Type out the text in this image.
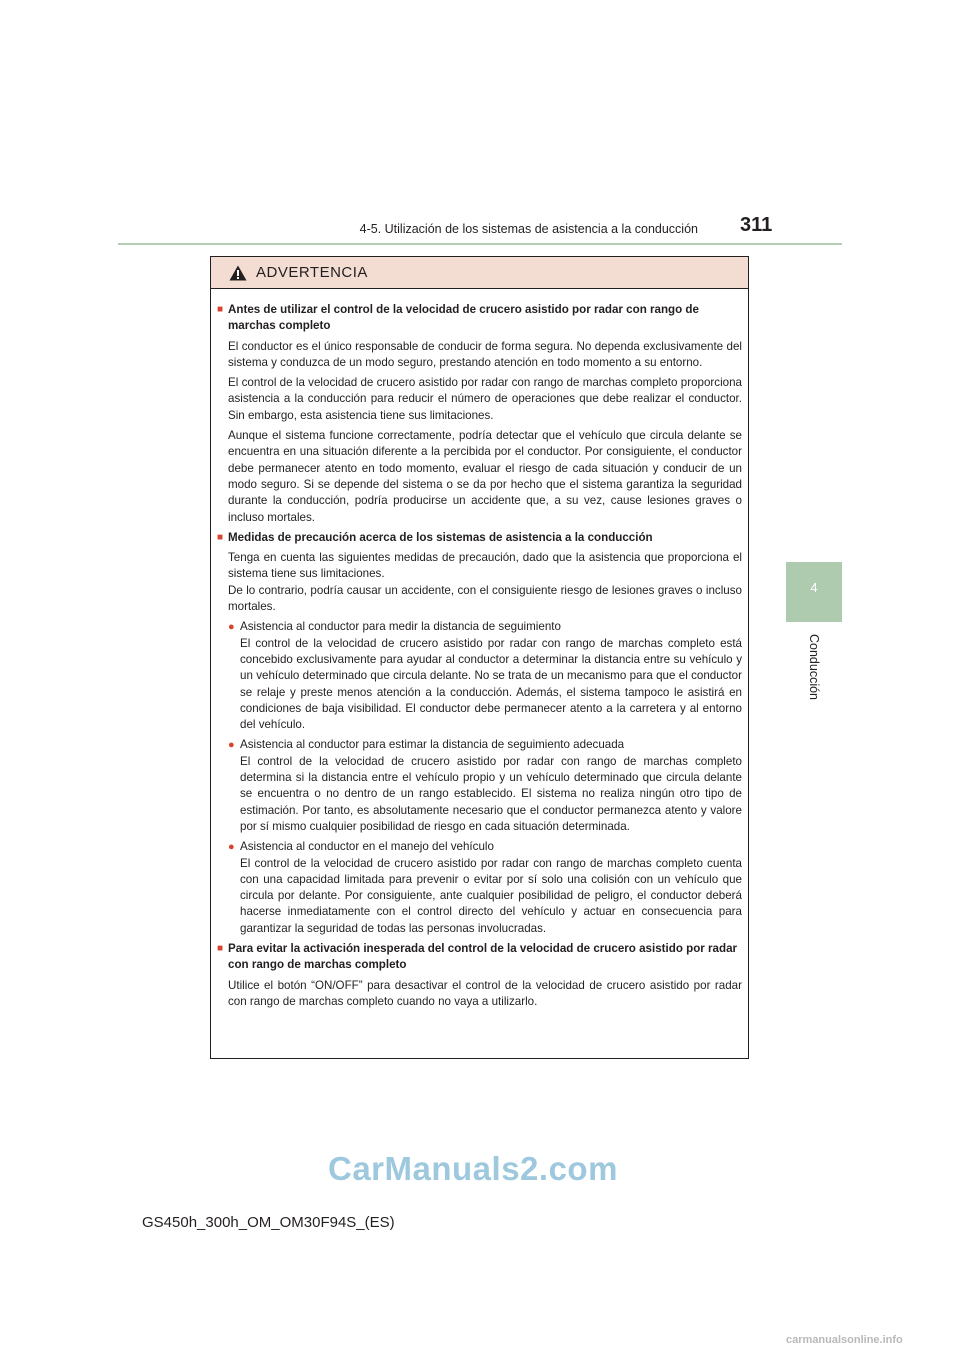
4-5. Utilización de los sistemas de asistencia a la conducción 311
4
Conducción
ADVERTENCIA
■ Antes de utilizar el control de la velocidad de crucero asistido por radar con rango de marchas completo
El conductor es el único responsable de conducir de forma segura. No dependa exclusivamente del sistema y conduzca de un modo seguro, prestando atención en todo momento a su entorno.
El control de la velocidad de crucero asistido por radar con rango de marchas completo proporciona asistencia a la conducción para reducir el número de operaciones que debe realizar el conductor. Sin embargo, esta asistencia tiene sus limitaciones.
Aunque el sistema funcione correctamente, podría detectar que el vehículo que circula delante se encuentra en una situación diferente a la percibida por el conductor. Por consiguiente, el conductor debe permanecer atento en todo momento, evaluar el riesgo de cada situación y conducir de un modo seguro. Si se depende del sistema o se da por hecho que el sistema garantiza la seguridad durante la conducción, podría producirse un accidente que, a su vez, cause lesiones graves o incluso mortales.
■ Medidas de precaución acerca de los sistemas de asistencia a la conducción
Tenga en cuenta las siguientes medidas de precaución, dado que la asistencia que proporciona el sistema tiene sus limitaciones.
De lo contrario, podría causar un accidente, con el consiguiente riesgo de lesiones graves o incluso mortales.
● Asistencia al conductor para medir la distancia de seguimiento
El control de la velocidad de crucero asistido por radar con rango de marchas completo está concebido exclusivamente para ayudar al conductor a determinar la distancia entre su vehículo y un vehículo determinado que circula delante. No se trata de un mecanismo para que el conductor se relaje y preste menos atención a la conducción. Además, el sistema tampoco le asistirá en condiciones de baja visibilidad. El conductor debe permanecer atento a la carretera y al entorno del vehículo.
● Asistencia al conductor para estimar la distancia de seguimiento adecuada
El control de la velocidad de crucero asistido por radar con rango de marchas completo determina si la distancia entre el vehículo propio y un vehículo determinado que circula delante se encuentra o no dentro de un rango establecido. El sistema no realiza ningún otro tipo de estimación. Por tanto, es absolutamente necesario que el conductor permanezca atento y valore por sí mismo cualquier posibilidad de riesgo en cada situación determinada.
● Asistencia al conductor en el manejo del vehículo
El control de la velocidad de crucero asistido por radar con rango de marchas completo cuenta con una capacidad limitada para prevenir o evitar por sí solo una colisión con un vehículo que circula por delante. Por consiguiente, ante cualquier posibilidad de peligro, el conductor deberá hacerse inmediatamente con el control directo del vehículo y actuar en consecuencia para garantizar la seguridad de todas las personas involucradas.
■ Para evitar la activación inesperada del control de la velocidad de crucero asistido por radar con rango de marchas completo
Utilice el botón “ON/OFF” para desactivar el control de la velocidad de crucero asistido por radar con rango de marchas completo cuando no vaya a utilizarlo.
CarManuals2.com
GS450h_300h_OM_OM30F94S_(ES)
carmanualsonline.info
